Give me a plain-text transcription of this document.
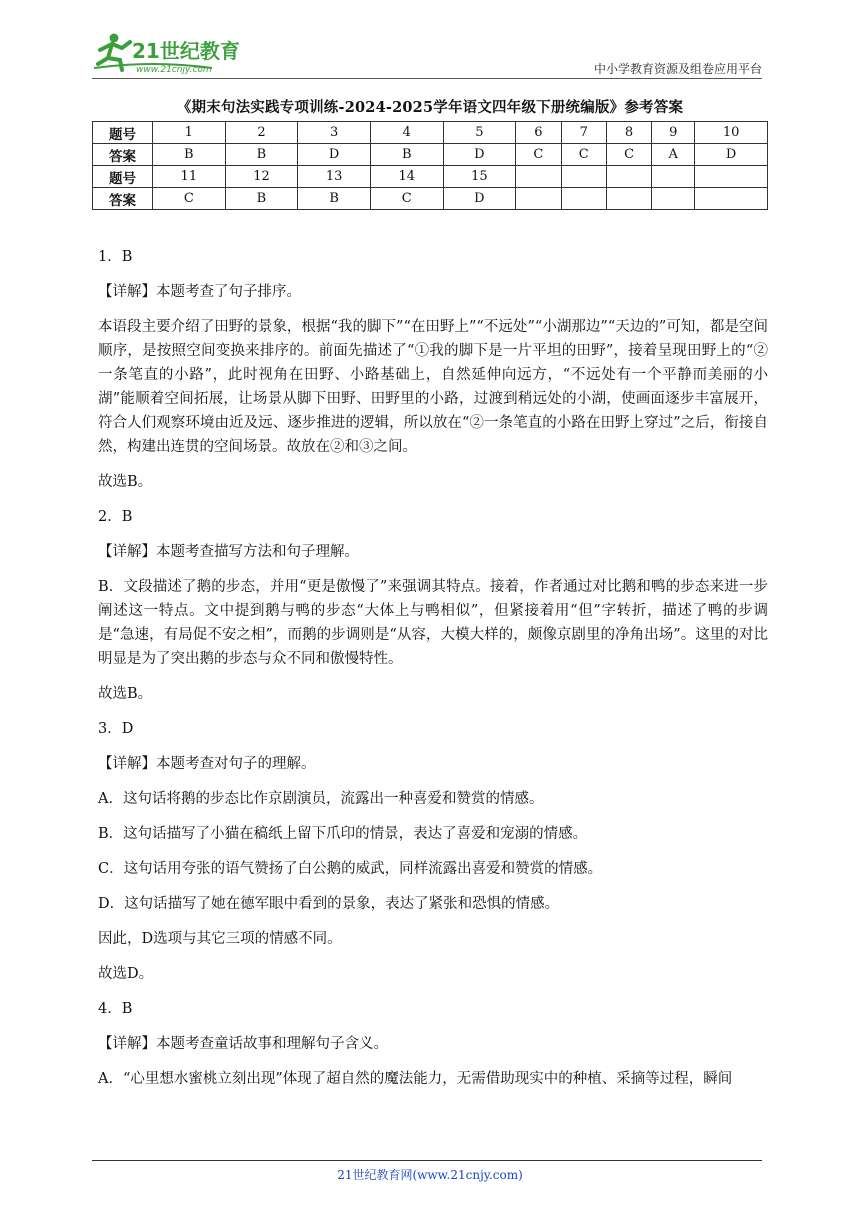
21世纪教育
www.21cnjy.com	中小学教育资源及组卷应用平台
《期末句法实践专项训练-2024-2025学年语文四年级下册统编版》参考答案
题号	1	2	3	4	5	6	7	8	9	10
答案	B	B	D	B	D	C	C	C	A	D
题号	11	12	13	14	15					
答案	C	B	B	C	D					

1．B

【详解】本题考查了句子排序。

本语段主要介绍了田野的景象，根据“我的脚下”“在田野上”“不远处”“小湖那边”“天边的”可知，都是空间顺序，是按照空间变换来排序的。前面先描述了“①我的脚下是一片平坦的田野”，接着呈现田野上的“②一条笔直的小路”，此时视角在田野、小路基础上，自然延伸向远方，“不远处有一个平静而美丽的小湖”能顺着空间拓展，让场景从脚下田野、田野里的小路，过渡到稍远处的小湖，使画面逐步丰富展开，符合人们观察环境由近及远、逐步推进的逻辑，所以放在“②一条笔直的小路在田野上穿过”之后，衔接自然，构建出连贯的空间场景。故放在②和③之间。

故选B。

2．B

【详解】本题考查描写方法和句子理解。

B．文段描述了鹅的步态，并用“更是傲慢了”来强调其特点。接着，作者通过对比鹅和鸭的步态来进一步阐述这一特点。文中提到鹅与鸭的步态“大体上与鸭相似”，但紧接着用“但”字转折，描述了鸭的步调是“急速，有局促不安之相”，而鹅的步调则是“从容，大模大样的，颇像京剧里的净角出场”。这里的对比明显是为了突出鹅的步态与众不同和傲慢特性。

故选B。

3．D

【详解】本题考查对句子的理解。

A．这句话将鹅的步态比作京剧演员，流露出一种喜爱和赞赏的情感。

B．这句话描写了小猫在稿纸上留下爪印的情景，表达了喜爱和宠溺的情感。

C．这句话用夸张的语气赞扬了白公鹅的威武，同样流露出喜爱和赞赏的情感。

D．这句话描写了她在德军眼中看到的景象，表达了紧张和恐惧的情感。

因此，D选项与其它三项的情感不同。

故选D。

4．B

【详解】本题考查童话故事和理解句子含义。

A．“心里想水蜜桃立刻出现”体现了超自然的魔法能力，无需借助现实中的种植、采摘等过程，瞬间

21世纪教育网(www.21cnjy.com)
